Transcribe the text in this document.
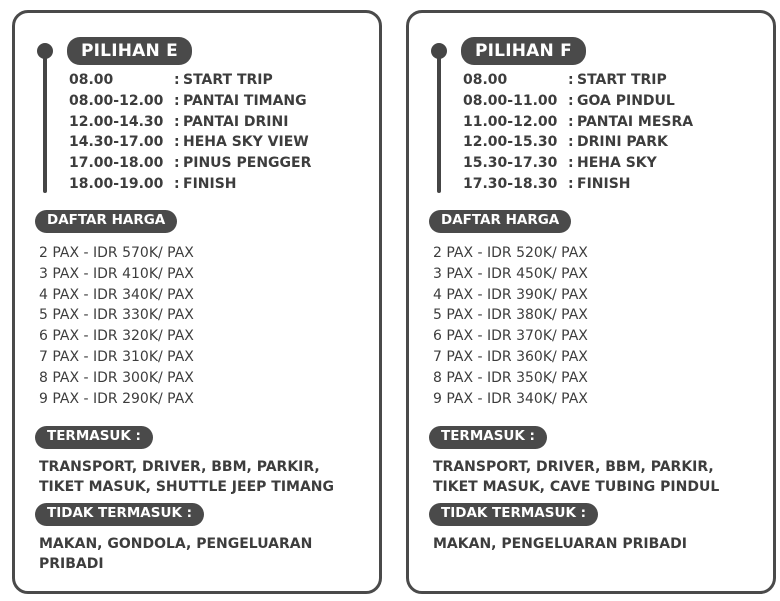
PILIHAN E
08.00	: START TRIP
08.00-12.00 : PANTAI TIMANG
12.00-14.30 : PANTAI DRINI
14.30-17.00 : HEHA SKY VIEW
17.00-18.00 : PINUS PENGGER
18.00-19.00 : FINISH
DAFTAR HARGA
2 PAX - IDR 570K/ PAX
3 PAX - IDR 410K/ PAX
4 PAX - IDR 340K/ PAX
5 PAX - IDR 330K/ PAX
6 PAX - IDR 320K/ PAX
7 PAX - IDR 310K/ PAX
8 PAX - IDR 300K/ PAX
9 PAX - IDR 290K/ PAX
TERMASUK :
TRANSPORT, DRIVER, BBM, PARKIR,
TIKET MASUK, SHUTTLE JEEP TIMANG
TIDAK TERMASUK :
MAKAN, GONDOLA, PENGELUARAN
PRIBADI
PILIHAN F
08.00	: START TRIP
08.00-11.00 : GOA PINDUL
11.00-12.00 : PANTAI MESRA
12.00-15.30 : DRINI PARK
15.30-17.30 : HEHA SKY
17.30-18.30 : FINISH
DAFTAR HARGA
2 PAX - IDR 520K/ PAX
3 PAX - IDR 450K/ PAX
4 PAX - IDR 390K/ PAX
5 PAX - IDR 380K/ PAX
6 PAX - IDR 370K/ PAX
7 PAX - IDR 360K/ PAX
8 PAX - IDR 350K/ PAX
9 PAX - IDR 340K/ PAX
TERMASUK :
TRANSPORT, DRIVER, BBM, PARKIR,
TIKET MASUK, CAVE TUBING PINDUL
TIDAK TERMASUK :
MAKAN, PENGELUARAN PRIBADI
